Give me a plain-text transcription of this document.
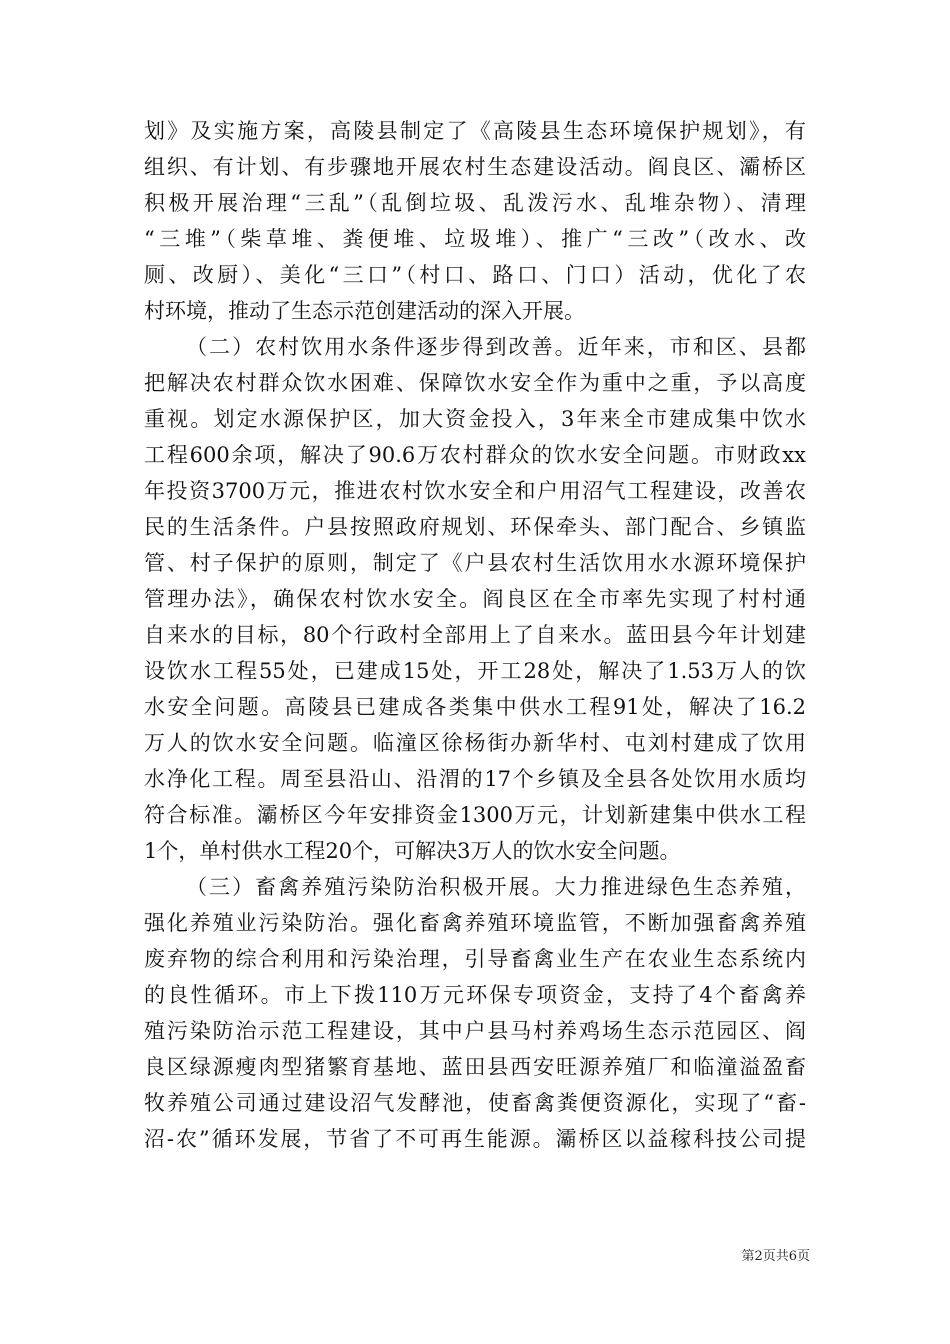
划》及实施方案，高陵县制定了《高陵县生态环境保护规划》，有
组织、有计划、有步骤地开展农村生态建设活动。阎良区、灞桥区
积极开展治理“三乱”（乱倒垃圾、乱泼污水、乱堆杂物）、清理
“三堆”（柴草堆、粪便堆、垃圾堆）、推广“三改”（改水、改
厕、改厨）、美化“三口”（村口、路口、门口）活动，优化了农
村环境，推动了生态示范创建活动的深入开展。
（二）农村饮用水条件逐步得到改善。近年来，市和区、县都
把解决农村群众饮水困难、保障饮水安全作为重中之重，予以高度
重视。划定水源保护区，加大资金投入，3年来全市建成集中饮水
工程600余项，解决了90.6万农村群众的饮水安全问题。市财政xx
年投资3700万元，推进农村饮水安全和户用沼气工程建设，改善农
民的生活条件。户县按照政府规划、环保牵头、部门配合、乡镇监
管、村子保护的原则，制定了《户县农村生活饮用水水源环境保护
管理办法》，确保农村饮水安全。阎良区在全市率先实现了村村通
自来水的目标，80个行政村全部用上了自来水。蓝田县今年计划建
设饮水工程55处，已建成15处，开工28处，解决了1.53万人的饮
水安全问题。高陵县已建成各类集中供水工程91处，解决了16.2
万人的饮水安全问题。临潼区徐杨街办新华村、屯刘村建成了饮用
水净化工程。周至县沿山、沿渭的17个乡镇及全县各处饮用水质均
符合标准。灞桥区今年安排资金1300万元，计划新建集中供水工程
1个，单村供水工程20个，可解决3万人的饮水安全问题。
（三）畜禽养殖污染防治积极开展。大力推进绿色生态养殖，
强化养殖业污染防治。强化畜禽养殖环境监管，不断加强畜禽养殖
废弃物的综合利用和污染治理，引导畜禽业生产在农业生态系统内
的良性循环。市上下拨110万元环保专项资金，支持了4个畜禽养
殖污染防治示范工程建设，其中户县马村养鸡场生态示范园区、阎
良区绿源瘦肉型猪繁育基地、蓝田县西安旺源养殖厂和临潼溢盈畜
牧养殖公司通过建设沼气发酵池，使畜禽粪便资源化，实现了“畜-
沼-农”循环发展，节省了不可再生能源。灞桥区以益稼科技公司提
第2页共6页
